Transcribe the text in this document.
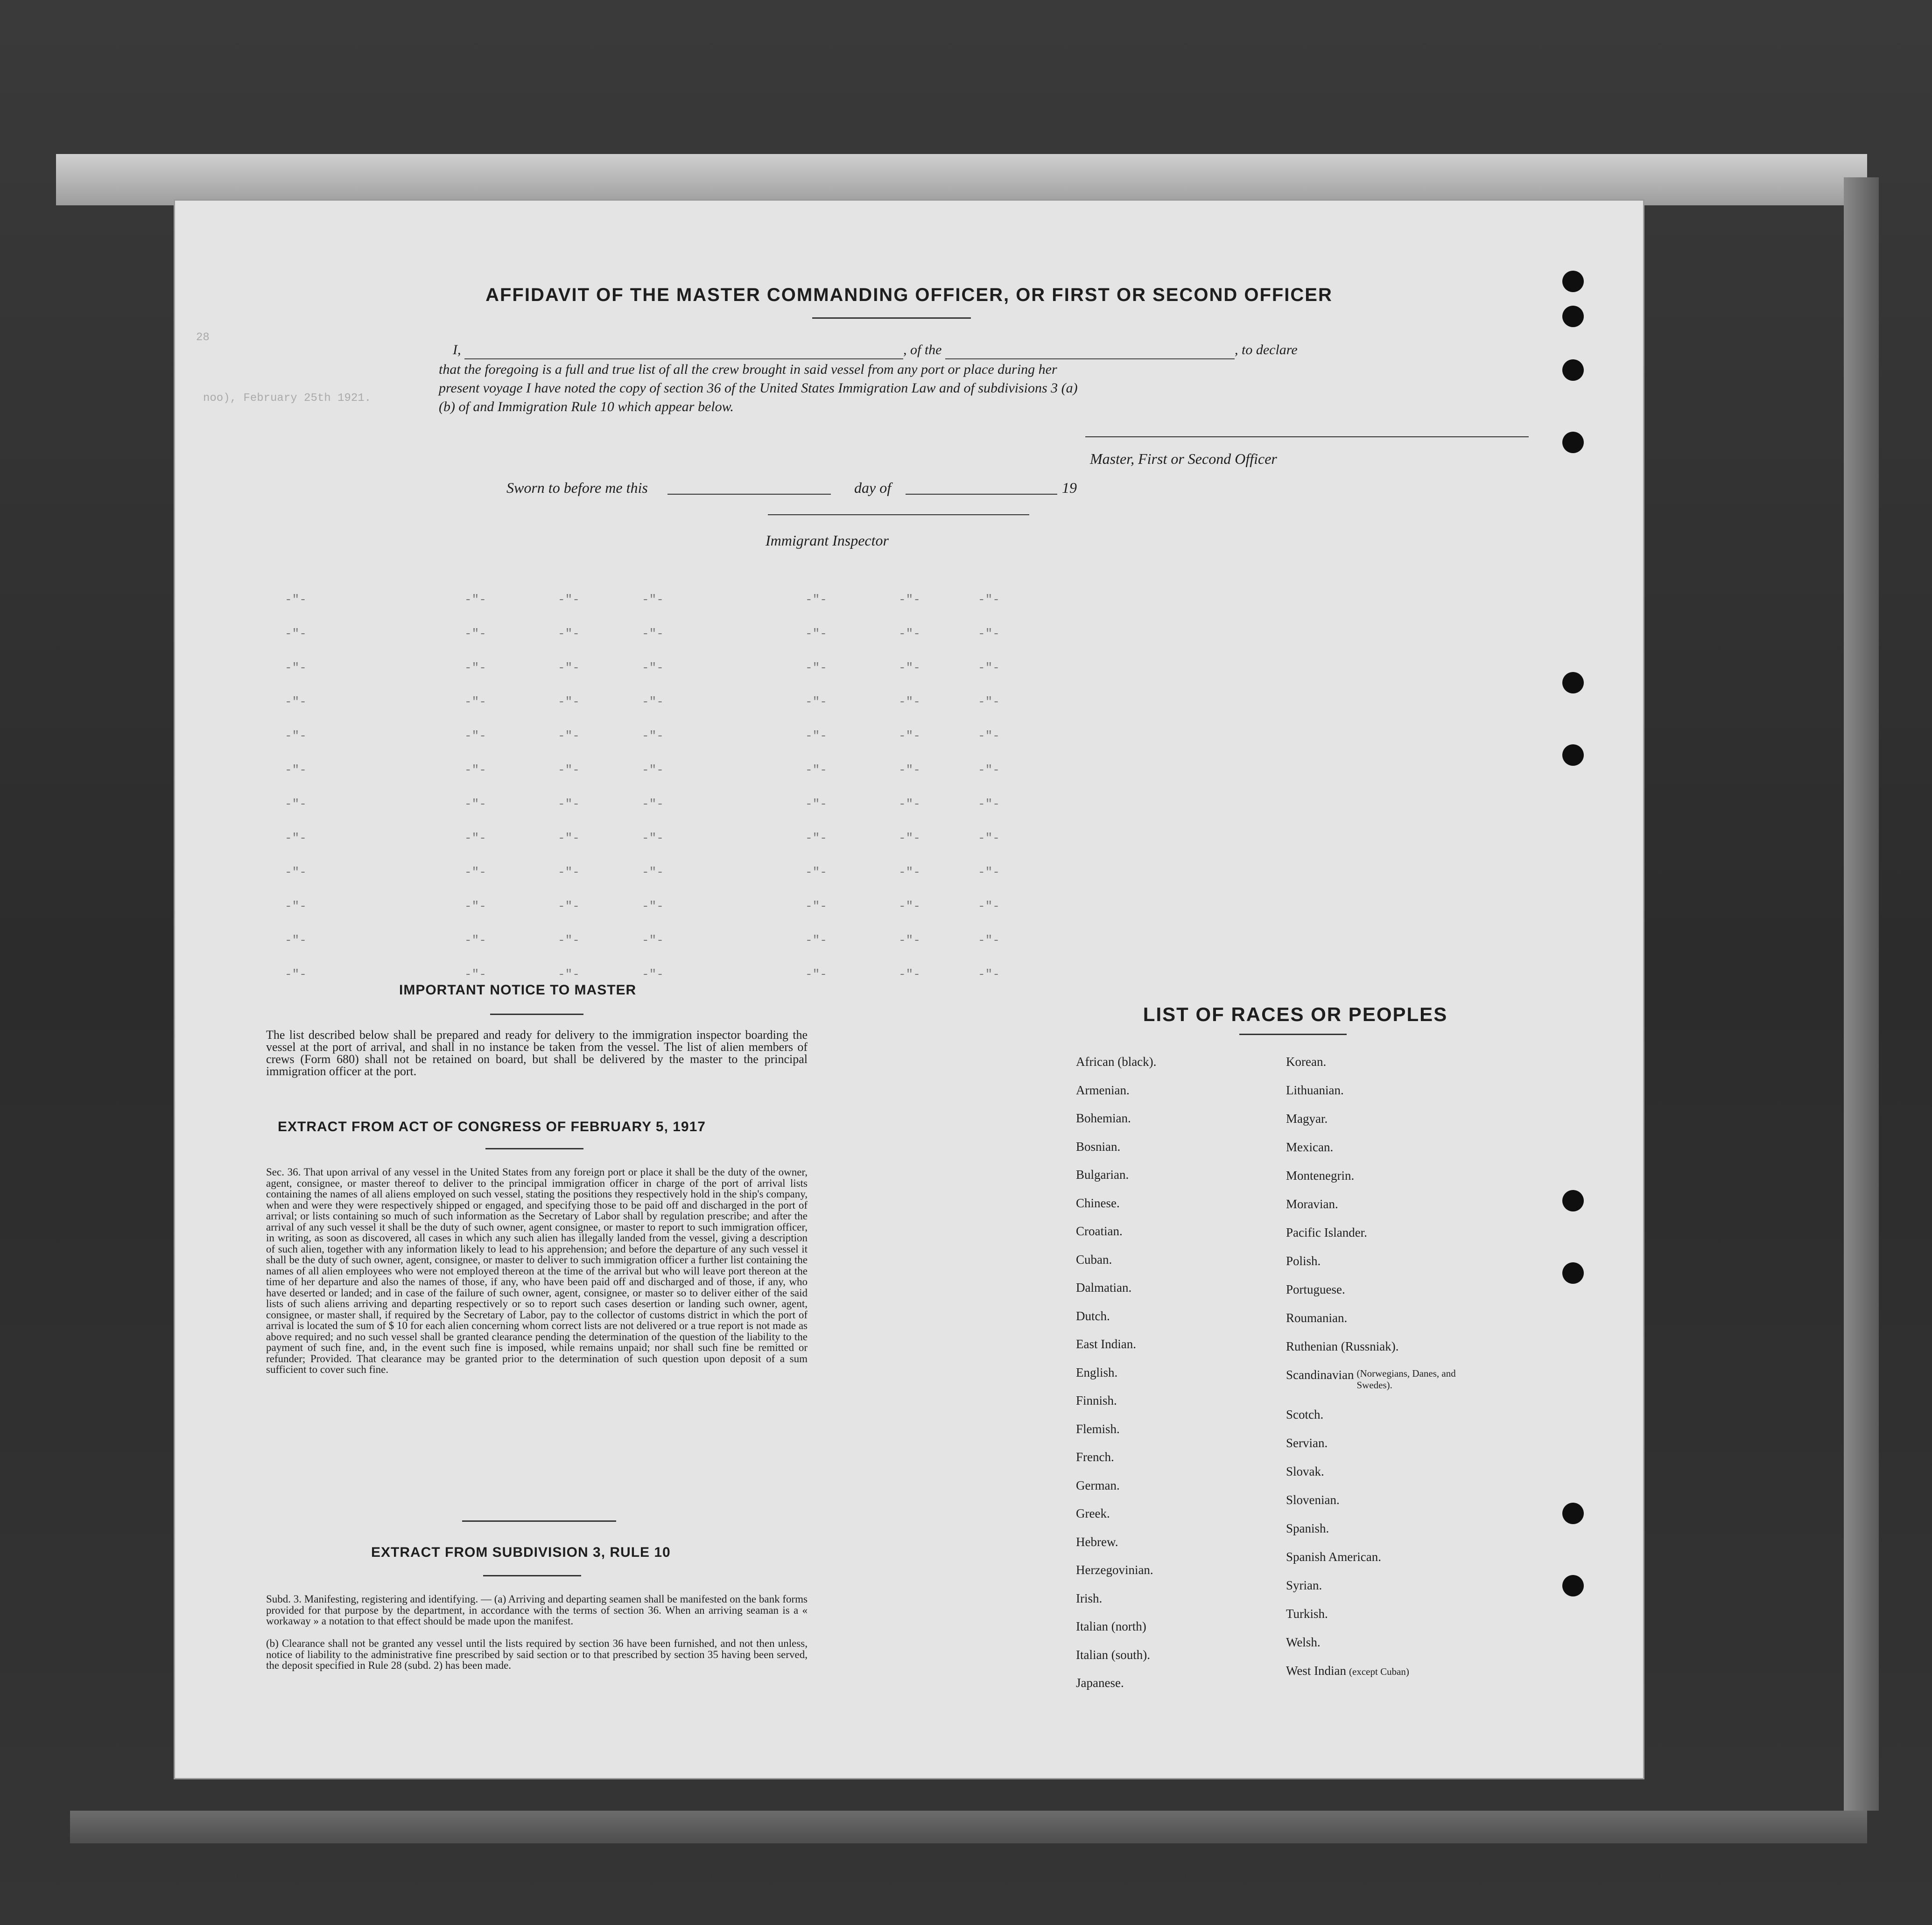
noo), February 25th 1921.
28
AFFIDAVIT OF THE MASTER COMMANDING OFFICER, OR FIRST OR SECOND OFFICER
I,	, of the	, to declare
that the foregoing is a full and true list of all the crew brought in said vessel from any port or place during her
present voyage I have noted the copy of section 36 of the United States Immigration Law and of subdivisions 3 (a)
(b) of and Immigration Rule 10 which appear below.
Master, First or Second Officer
Sworn to before me this	day of	19
Immigrant Inspector
-"-	-"-	-"-	-"-	-"-	-"-	-"-
-"-	-"-	-"-	-"-	-"-	-"-	-"-
-"-	-"-	-"-	-"-	-"-	-"-	-"-
-"-	-"-	-"-	-"-	-"-	-"-	-"-
-"-	-"-	-"-	-"-	-"-	-"-	-"-
-"-	-"-	-"-	-"-	-"-	-"-	-"-
-"-	-"-	-"-	-"-	-"-	-"-	-"-
-"-	-"-	-"-	-"-	-"-	-"-	-"-
-"-	-"-	-"-	-"-	-"-	-"-	-"-
-"-	-"-	-"-	-"-	-"-	-"-	-"-
-"-	-"-	-"-	-"-	-"-	-"-	-"-
-"-	-"-	-"-	-"-	-"-	-"-	-"-
IMPORTANT NOTICE TO MASTER
The list described below shall be prepared and ready for delivery to the immigration inspector boarding the vessel at the port of arrival, and shall in no instance be taken from the vessel. The list of alien members of crews (Form 680) shall not be retained on board, but shall be delivered by the master to the principal immigration officer at the port.
EXTRACT FROM ACT OF CONGRESS OF FEBRUARY 5, 1917
Sec. 36. That upon arrival of any vessel in the United States from any foreign port or place it shall be the duty of the owner, agent, consignee, or master thereof to deliver to the principal immigration officer in charge of the port of arrival lists containing the names of all aliens employed on such vessel, stating the positions they respectively hold in the ship's company, when and were they were respectively shipped or engaged, and specifying those to be paid off and discharged in the port of arrival; or lists containing so much of such information as the Secretary of Labor shall by regulation prescribe; and after the arrival of any such vessel it shall be the duty of such owner, agent consignee, or master to report to such immigration officer, in writing, as soon as discovered, all cases in which any such alien has illegally landed from the vessel, giving a description of such alien, together with any information likely to lead to his apprehension; and before the departure of any such vessel it shall be the duty of such owner, agent, consignee, or master to deliver to such immigration officer a further list containing the names of all alien employees who were not employed thereon at the time of the arrival but who will leave port thereon at the time of her departure and also the names of those, if any, who have been paid off and discharged and of those, if any, who have deserted or landed; and in case of the failure of such owner, agent, consignee, or master so to deliver either of the said lists of such aliens arriving and departing respectively or so to report such cases desertion or landing such owner, agent, consignee, or master shall, if required by the Secretary of Labor, pay to the collector of customs district in which the port of arrival is located the sum of $ 10 for each alien concerning whom correct lists are not delivered or a true report is not made as above required; and no such vessel shall be granted clearance pending the determination of the question of the liability to the payment of such fine, and, in the event such fine is imposed, while remains unpaid; nor shall such fine be remitted or refunder; Provided. That clearance may be granted prior to the determination of such question upon deposit of a sum sufficient to cover such fine.
EXTRACT FROM SUBDIVISION 3, RULE 10
Subd. 3. Manifesting, registering and identifying. — (a) Arriving and departing seamen shall be manifested on the bank forms provided for that purpose by the department, in accordance with the terms of section 36. When an arriving seaman is a « workaway » a notation to that effect should be made upon the manifest.
(b) Clearance shall not be granted any vessel until the lists required by section 36 have been furnished, and not then unless, notice of liability to the administrative fine prescribed by said section or to that prescribed by section 35 having been served, the deposit specified in Rule 28 (subd. 2) has been made.
LIST OF RACES OR PEOPLES
African (black).
Armenian.
Bohemian.
Bosnian.
Bulgarian.
Chinese.
Croatian.
Cuban.
Dalmatian.
Dutch.
East Indian.
English.
Finnish.
Flemish.
French.
German.
Greek.
Hebrew.
Herzegovinian.
Irish.
Italian (north)
Italian (south).
Japanese.
Korean.
Lithuanian.
Magyar.
Mexican.
Montenegrin.
Moravian.
Pacific Islander.
Polish.
Portuguese.
Roumanian.
Ruthenian (Russniak).
Scandinavian (Norwegians, Danes, and Swedes).
Scotch.
Servian.
Slovak.
Slovenian.
Spanish.
Spanish American.
Syrian.
Turkish.
Welsh.
West Indian (except Cuban)
